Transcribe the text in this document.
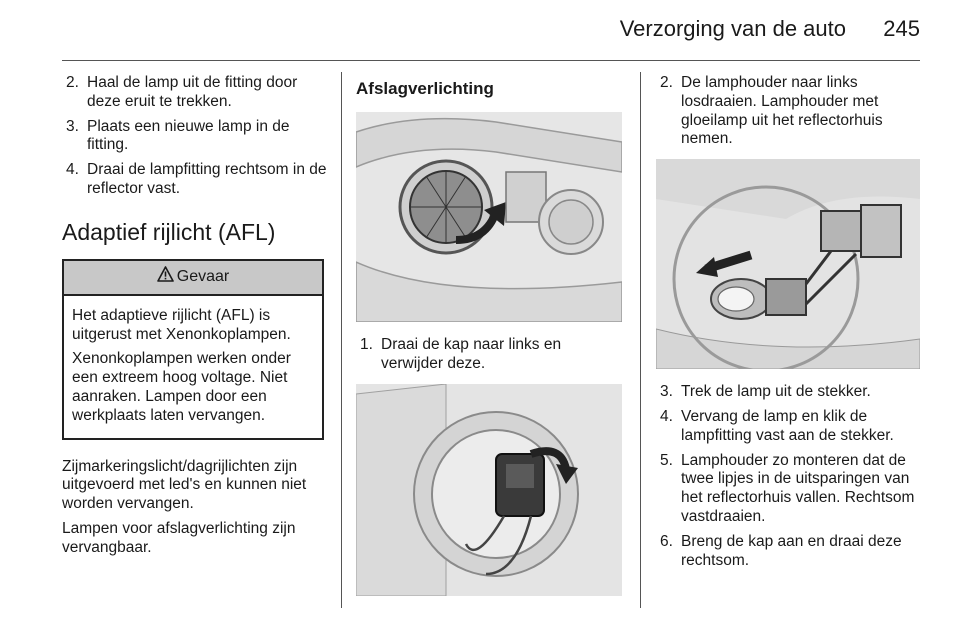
Verzorging van de auto 245
2. Haal de lamp uit de fitting door deze eruit te trekken.
3. Plaats een nieuwe lamp in de fitting.
4. Draai de lampfitting rechtsom in de reflector vast.
Adaptief rijlicht (AFL)
Gevaar

Het adaptieve rijlicht (AFL) is uitgerust met Xenonkoplampen.

Xenonkoplampen werken onder een extreem hoog voltage. Niet aanraken. Lampen door een werkplaats laten vervangen.

Zijmarkeringslicht/dagrijlichten zijn uitgevoerd met led's en kunnen niet worden vervangen.

Lampen voor afslagverlichting zijn vervangbaar.

Afslagverlichting
1. Draai de kap naar links en verwijder deze.
2. De lamphouder naar links losdraaien. Lamphouder met gloeilamp uit het reflectorhuis nemen.
3. Trek de lamp uit de stekker.
4. Vervang de lamp en klik de lampfitting vast aan de stekker.
5. Lamphouder zo monteren dat de twee lipjes in de uitsparingen van het reflectorhuis vallen. Rechtsom vastdraaien.
6. Breng de kap aan en draai deze rechtsom.
